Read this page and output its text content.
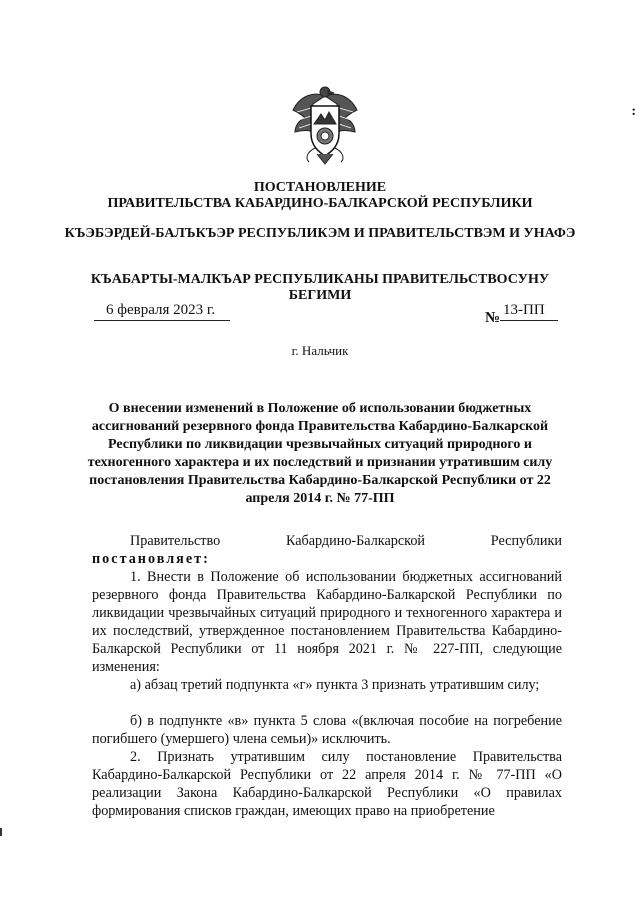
ПОСТАНОВЛЕНИЕ
ПРАВИТЕЛЬСТВА КАБАРДИНО-БАЛКАРСКОЙ РЕСПУБЛИКИ
КЪЭБЭРДЕЙ-БАЛЪКЪЭР РЕСПУБЛИКЭМ И ПРАВИТЕЛЬСТВЭМ И УНАФЭ
КЪАБАРТЫ-МАЛКЪАР РЕСПУБЛИКАНЫ ПРАВИТЕЛЬСТВОСУНУ БЕГИМИ
6 февраля 2023 г.	№ 13-ПП
г. Нальчик
О внесении изменений в Положение об использовании бюджетных ассигнований резервного фонда Правительства Кабардино-Балкарской Республики по ликвидации чрезвычайных ситуаций природного и техногенного характера и их последствий и признании утратившим силу постановления Правительства Кабардино-Балкарской Республики от 22 апреля 2014 г. № 77-ПП
Правительство	Кабардино-Балкарской	Республики
постановляет:
1. Внести в Положение об использовании бюджетных ассигнований резервного фонда Правительства Кабардино-Балкарской Республики по ликвидации чрезвычайных ситуаций природного и техногенного характера и их последствий, утвержденное постановлением Правительства Кабардино-Балкарской Республики от 11 ноября 2021 г. № 227-ПП, следующие изменения:
а) абзац третий подпункта «г» пункта 3 признать утратившим силу;
б) в подпункте «в» пункта 5 слова «(включая пособие на погребение погибшего (умершего) члена семьи)» исключить.
2. Признать утратившим силу постановление Правительства Кабардино-Балкарской Республики от 22 апреля 2014 г. № 77-ПП «О реализации Закона Кабардино-Балкарской Республики «О правилах формирования списков граждан, имеющих право на приобретение
:
